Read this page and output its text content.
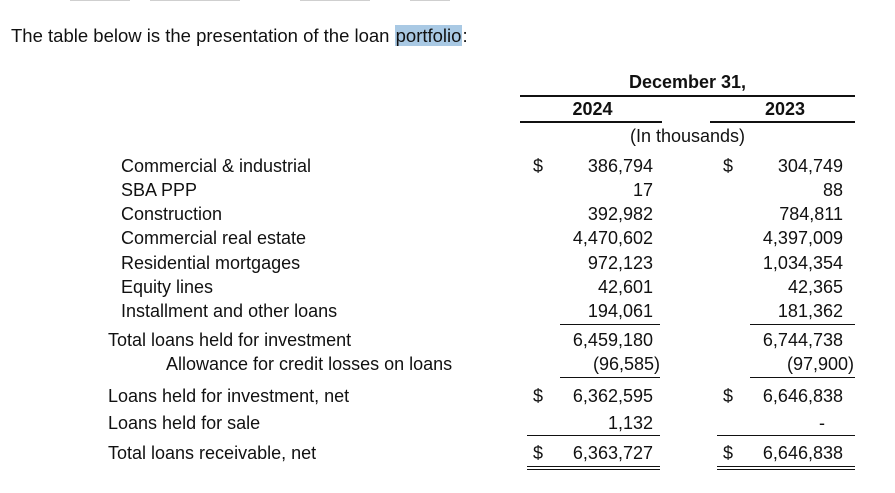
The table below is the presentation of the loan portfolio:
December 31,
2024	2023
(In thousands)
Commercial & industrial	$	386,794	$	304,749
SBA PPP	17	88
Construction	392,982	784,811
Commercial real estate	4,470,602	4,397,009
Residential mortgages	972,123	1,034,354
Equity lines	42,601	42,365
Installment and other loans	194,061	181,362
Total loans held for investment	6,459,180	6,744,738
Allowance for credit losses on loans	(96,585)	(97,900)
Loans held for investment, net	$	6,362,595	$	6,646,838
Loans held for sale	1,132	-
Total loans receivable, net	$	6,363,727	$	6,646,838
